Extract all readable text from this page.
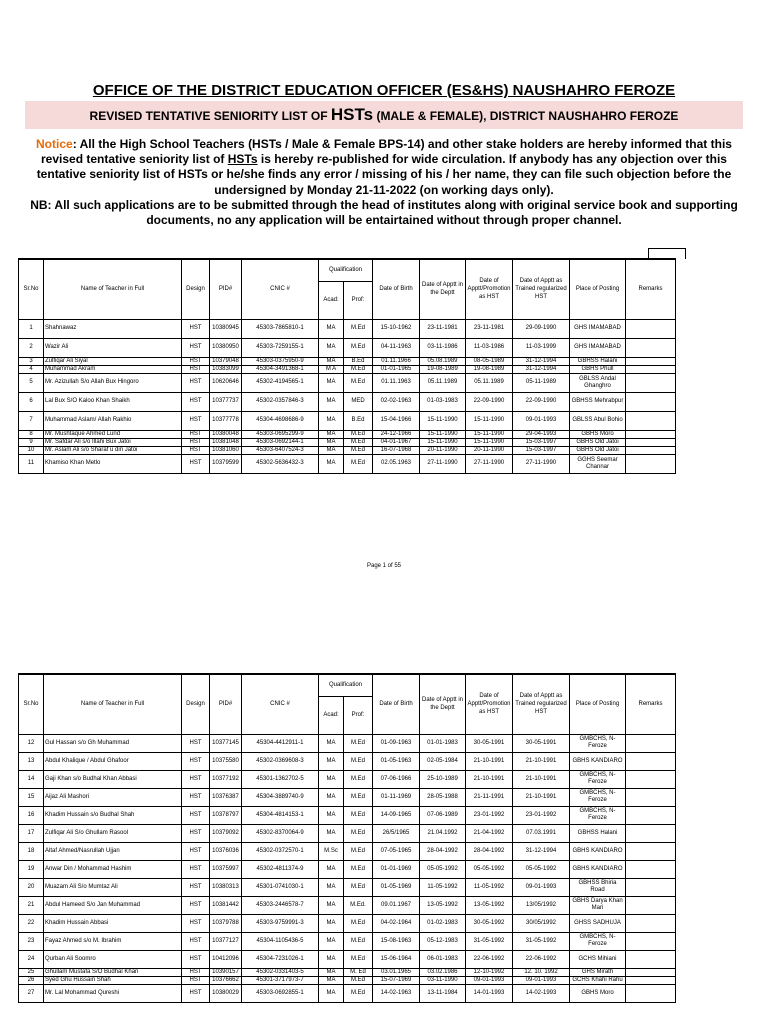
OFFICE OF THE DISTRICT EDUCATION OFFICER (ES&HS) NAUSHAHRO FEROZE
REVISED TENTATIVE SENIORITY LIST OF HSTs (MALE & FEMALE), DISTRICT NAUSHAHRO FEROZE
Notice: All the High School Teachers (HSTs / Male & Female BPS-14) and other stake holders are hereby informed that this revised tentative seniority list of HSTs is hereby re-published for wide circulation. If anybody has any objection over this tentative seniority list of HSTs or he/she finds any error / missing of his / her name, they can file such objection before the undersigned by Monday 21-11-2022 (on working days only).
NB: All such applications are to be submitted through the head of institutes along with original service book and supporting documents, no any application will be entairtained without through proper channel.
Sr.No	Name of Teacher in Full	Design	PID#	CNIC #	Qualification		Date of Birth	Date of Apptt in the Deptt	Date of Apptt/Promotion as HST	Date of Apptt as Trained regularized HST	Place of Posting	Remarks
					Acad:	Prof:						
1	Shahnawaz	HST	10380945	45303-7865810-1	MA	M.Ed	15-10-1962	23-11-1981	23-11-1981	29-09-1990	GHS IMAMABAD	
2	Wazir Ali	HST	10380950	45303-7259155-1	MA	M.Ed	04-11-1963	03-11-1986	11-03-1986	11-03-1999	GHS IMAMABAD	
3	Zulfiqar Ali Siyal	HST	10379048	45303-0375950-9	MA	B.Ed	01.11.1966	05.08.1989	08-05-1989	31-12-1994	GBHSS Halani	
4	Muhammad Akram	HST	10383099	45304-3491368-1	M A	M.Ed	01-01-1965	19-08-1989	19-08-1989	31-12-1994	GBHS Phull	
5	Mr. Azizullah S/o Allah Bux Hingoro	HST	10620646	45302-4194565-1	MA	M.Ed	01.11.1963	05.11.1989	05.11.1989	05-11-1989	GBLSS Andal Ghanghro	
6	Lal Bux S/O Kaloo Khan Shaikh	HST	10377737	45302-0357846-3	MA	MED	02-02-1963	01-03-1983	22-09-1990	22-09-1990	GBHSS Mehrabpur	
7	Muhammad Aslam/ Allah Rakhio	HST	10377778	45304-4698686-9	MA	B.Ed	15-04-1966	15-11-1990	15-11-1990	09-01-1993	GBLSS Abul Bohio	
8	Mr. Mushtaque Ahmed Lund	HST	10380048	45303-0695299-9	MA	M.Ed	24-12-1966	15-11-1990	15-11-1990	29-04-1993	GBHS Moro	
9	Mr. Safdar Ali s/o Illahi Bux Jatoi	HST	10381048	45303-0692144-1	MA	M.Ed	04-01-1967	15-11-1990	15-11-1990	15-03-1997	GBHS Old Jatoi	
10	Mr. Aslam Ali s/o Sharaf u din Jatoi	HST	10381060	45303-6407524-3	MA	M.Ed	16-07-1968	20-11-1990	20-11-1990	15-03-1997	GBHS Old Jatoi	
11	Khamiso Khan Metlo	HST	10379599	45302-5636432-3	MA	M.Ed	02.05.1963	27-11-1990	27-11-1990	27-11-1990	GGHS Seemar Channar	
Page 1 of 55
Sr.No	Name of Teacher in Full	Design	PID#	CNIC #	Qualification		Date of Birth	Date of Apptt in the Deptt	Date of Apptt/Promotion as HST	Date of Apptt as Trained regularized HST	Place of Posting	Remarks
					Acad:	Prof:						
12	Gul Hassan s/o Gh Muhammad	HST	10377145	45304-4412911-1	MA	M.Ed	01-09-1963	01-01-1983	30-05-1991	30-05-1991	GMBCHS, N-Feroze	
13	Abdul Khalique / Abdul Ghafoor	HST	10375580	45302-0369608-3	MA	M.Ed	01-05-1963	02-05-1984	21-10-1991	21-10-1991	GBHS KANDIARO	
14	Gaji Khan s/o Budhal Khan Abbasi	HST	10377192	45301-1362702-5	MA	M.Ed	07-06-1966	25-10-1989	21-10-1991	21-10-1991	GMBCHS, N-Feroze	
15	Aijaz Ali Mashori	HST	10376387	45304-3889740-9	MA	M.Ed	01-11-1969	28-05-1988	21-11-1991	21-10-1991	GMBCHS, N-Feroze	
16	Khadim Hussain s/o Budhal Shah	HST	10378797	45304-4814153-1	MA	M.Ed	14-09-1965	07-06-1989	23-01-1992	23-01-1992	GMBCHS, N-Feroze	
17	Zulfiqar Ali S/o Ghullam Rasool	HST	10379092	45302-8370064-9	MA	M.Ed	26/5/1965	21.04.1992	21-04-1992	07.03.1991	GBHSS Halani	
18	Altaf Ahmed/Nasrullah Ujjan	HST	10376036	45302-0372570-1	M.Sc	M.Ed	07-05-1965	28-04-1992	28-04-1992	31-12-1994	GBHS KANDIARO	
19	Anwar Din / Mohammad Hashim	HST	10375997	45302-4811374-9	MA	M.Ed	01-01-1969	05-05-1992	05-05-1992	05-05-1992	GBHS KANDIARO	
20	Muazam Ali S/o Mumtaz Ali	HST	10380313	45301-0741030-1	MA	M.Ed	01-05-1969	11-05-1992	11-05-1992	09-01-1993	GBHSS Bhiria Road	
21	Abdul Hameed S/o Jan Muhammad	HST	10381442	45303-2446578-7	MA	M.Ed.	09.01.1967	13-05-1992	13-05-1992	13/05/1992	GBHS Darya Khan Mari	
22	Khadim Hussain Abbasi	HST	10379788	45303-9759991-3	MA	M.Ed	04-02-1964	01-02-1983	30-05-1992	30/05/1992	GHSS SADHUJA	
23	Fayaz Ahmed s/o M. Ibrahim	HST	10377127	45304-1105436-5	MA	M.Ed	15-08-1963	05-12-1983	31-05-1992	31-05-1992	GMBCHS, N-Feroze	
24	Qurban Ali Soomro	HST	10412096	45304-7231026-1	MA	M.Ed	15-06-1964	06-01-1983	22-06-1992	22-06-1992	GCHS Mihiani	
25	Ghullam Mustafa S/O Budhal Khan	HST	10390157	45302-0331403-5	MA	M. Ed	03.01.1965	03.02.1986	12-10-1992	12. 10. 1992	GHS Mirath	
26	Syed Ghu Hussain Shah	HST	10376662	45301-3717973-7	MA	M.Ed	15-07-1969	03-11-1990	09-01-1993	09-01-1993	GCHS Khahi Rahu	
27	Mr. Lal Mohammad Qureshi	HST	10380029	45303-0692855-1	MA	M.Ed	14-02-1963	13-11-1984	14-01-1993	14-02-1993	GBHS Moro	
